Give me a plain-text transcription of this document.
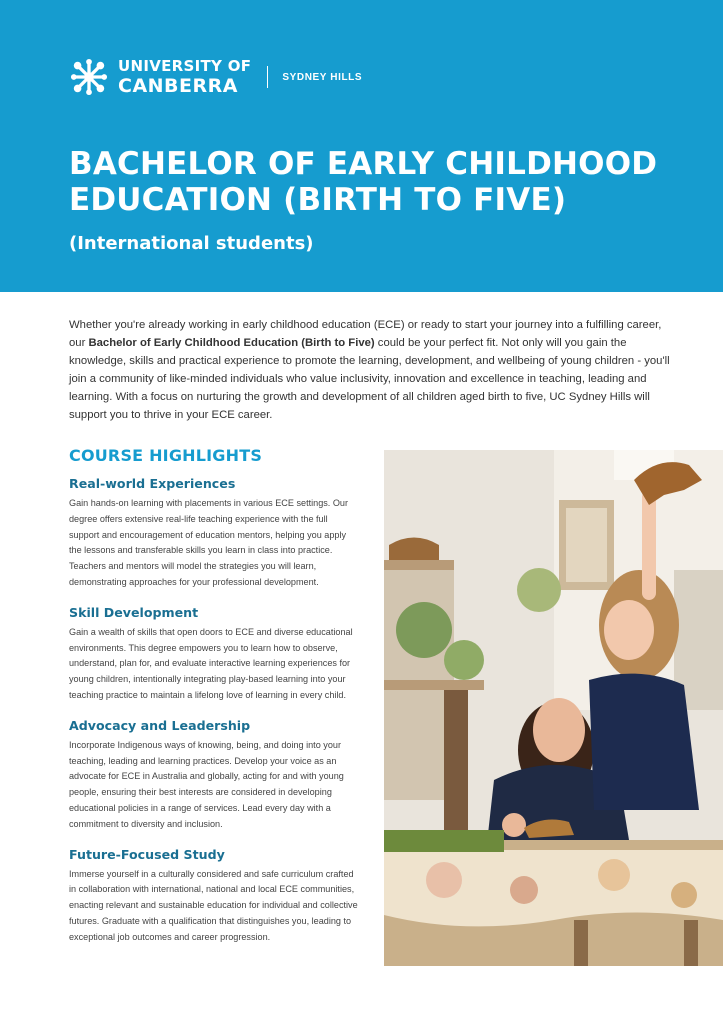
UNIVERSITY OF
CANBERRA	SYDNEY HILLS
BACHELOR OF EARLY CHILDHOOD
EDUCATION (BIRTH TO FIVE)
(International students)

Whether you're already working in early childhood education (ECE) or ready to start your journey into a fulfilling career, our Bachelor of Early Childhood Education (Birth to Five) could be your perfect fit. Not only will you gain the knowledge, skills and practical experience to promote the learning, development, and wellbeing of young children - you'll join a community of like-minded individuals who value inclusivity, innovation and excellence in teaching, leading and learning. With a focus on nurturing the growth and development of all children aged birth to five, UC Sydney Hills will support you to thrive in your ECE career.

COURSE HIGHLIGHTS
Real-world Experiences

Gain hands-on learning with placements in various ECE settings. Our degree offers extensive real-life teaching experience with the full support and encouragement of education mentors, helping you apply the lessons and transferable skills you learn in class into practice. Teachers and mentors will model the strategies you will learn, demonstrating approaches for your professional development.

Skill Development

Gain a wealth of skills that open doors to ECE and diverse educational environments. This degree empowers you to learn how to observe, understand, plan for, and evaluate interactive learning experiences for young children, intentionally integrating play-based learning into your teaching practice to maintain a lifelong love of learning in every child.

Advocacy and Leadership

Incorporate Indigenous ways of knowing, being, and doing into your teaching, leading and learning practices. Develop your voice as an advocate for ECE in Australia and globally, acting for and with young people, ensuring their best interests are considered in developing educational policies in a range of services. Lead every day with a commitment to diversity and inclusion.

Future-Focused Study

Immerse yourself in a culturally considered and safe curriculum crafted in collaboration with international, national and local ECE communities, enacting relevant and sustainable education for individual and collective futures. Graduate with a qualification that distinguishes you, leading to exceptional job outcomes and career progression.
